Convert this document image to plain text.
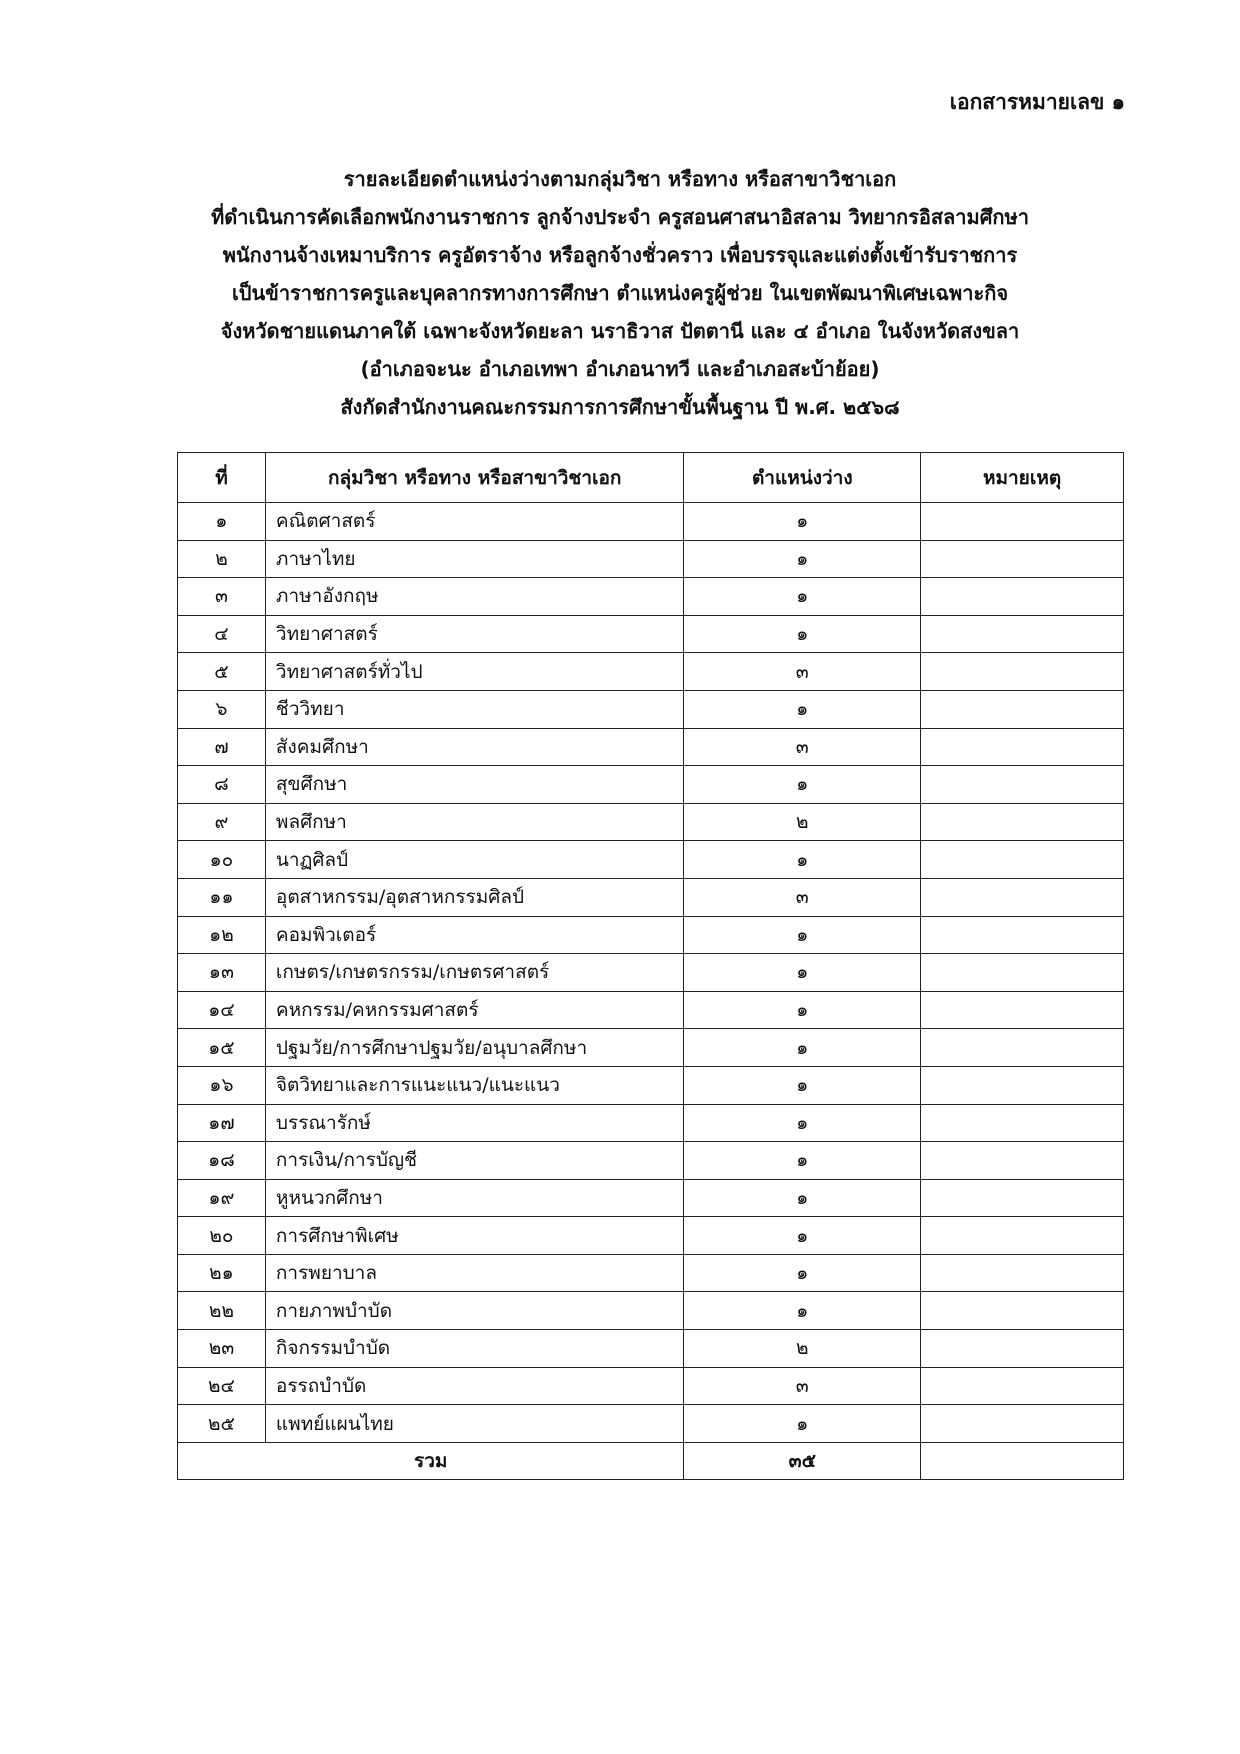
เอกสารหมายเลข ๑
รายละเอียดตำแหน่งว่างตามกลุ่มวิชา หรือทาง หรือสาขาวิชาเอก
ที่ดำเนินการคัดเลือกพนักงานราชการ ลูกจ้างประจำ ครูสอนศาสนาอิสลาม วิทยากรอิสลามศึกษา
พนักงานจ้างเหมาบริการ ครูอัตราจ้าง หรือลูกจ้างชั่วคราว เพื่อบรรจุและแต่งตั้งเข้ารับราชการ
เป็นข้าราชการครูและบุคลากรทางการศึกษา ตำแหน่งครูผู้ช่วย ในเขตพัฒนาพิเศษเฉพาะกิจ
จังหวัดชายแดนภาคใต้ เฉพาะจังหวัดยะลา นราธิวาส ปัตตานี และ ๔ อำเภอ ในจังหวัดสงขลา
(อำเภอจะนะ อำเภอเทพา อำเภอนาทวี และอำเภอสะบ้าย้อย)
สังกัดสำนักงานคณะกรรมการการศึกษาขั้นพื้นฐาน ปี พ.ศ. ๒๕๖๘
ที่	กลุ่มวิชา หรือทาง หรือสาขาวิชาเอก	ตำแหน่งว่าง	หมายเหตุ
๑	คณิตศาสตร์	๑	
๒	ภาษาไทย	๑	
๓	ภาษาอังกฤษ	๑	
๔	วิทยาศาสตร์	๑	
๕	วิทยาศาสตร์ทั่วไป	๓	
๖	ชีววิทยา	๑	
๗	สังคมศึกษา	๓	
๘	สุขศึกษา	๑	
๙	พลศึกษา	๒	
๑๐	นาฏศิลป์	๑	
๑๑	อุตสาหกรรม/อุตสาหกรรมศิลป์	๓	
๑๒	คอมพิวเตอร์	๑	
๑๓	เกษตร/เกษตรกรรม/เกษตรศาสตร์	๑	
๑๔	คหกรรม/คหกรรมศาสตร์	๑	
๑๕	ปฐมวัย/การศึกษาปฐมวัย/อนุบาลศึกษา	๑	
๑๖	จิตวิทยาและการแนะแนว/แนะแนว	๑	
๑๗	บรรณารักษ์	๑	
๑๘	การเงิน/การบัญชี	๑	
๑๙	หูหนวกศึกษา	๑	
๒๐	การศึกษาพิเศษ	๑	
๒๑	การพยาบาล	๑	
๒๒	กายภาพบำบัด	๑	
๒๓	กิจกรรมบำบัด	๒	
๒๔	อรรถบำบัด	๓	
๒๕	แพทย์แผนไทย	๑	
รวม		๓๕	
